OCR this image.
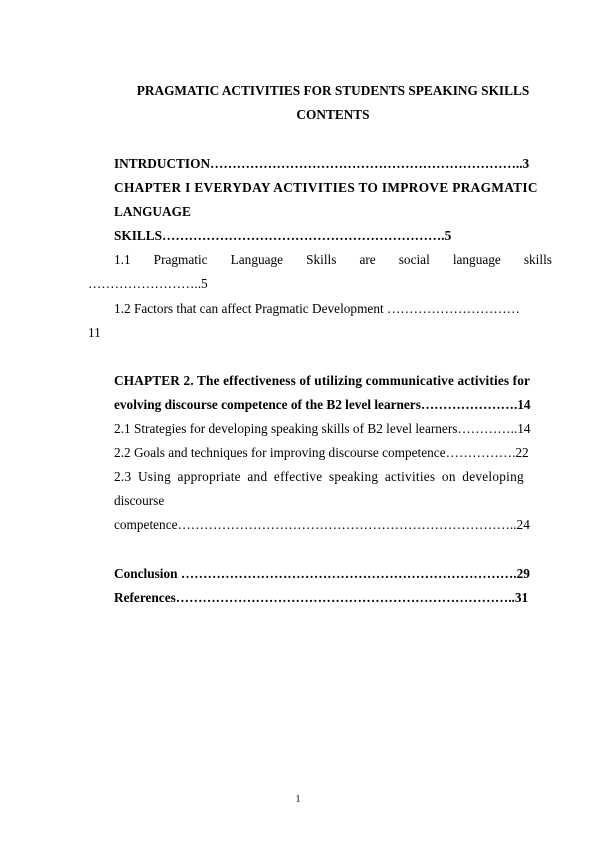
PRAGMATIC ACTIVITIES FOR STUDENTS SPEAKING SKILLS
CONTENTS
INTRDUCTION……………………………………………………………..3
CHAPTER I EVERYDAY ACTIVITIES TO IMPROVE PRAGMATIC
LANGUAGE
SKILLS……………………………………………………….5
1.1 Pragmatic Language Skills are social language skills
……………………..5
1.2 Factors that can affect Pragmatic Development …………………………
11
CHAPTER 2. The effectiveness of utilizing communicative activities for
evolving discourse competence of the B2 level learners………………….14
2.1 Strategies for developing speaking skills of B2 level learners…………..14
2.2 Goals and techniques for improving discourse competence…………….22
2.3 Using appropriate and effective speaking activities on developing
discourse
competence…………………………………………………………………..24
Conclusion ………………………………………………………………….29
References…………………………………………………………………..31
1
